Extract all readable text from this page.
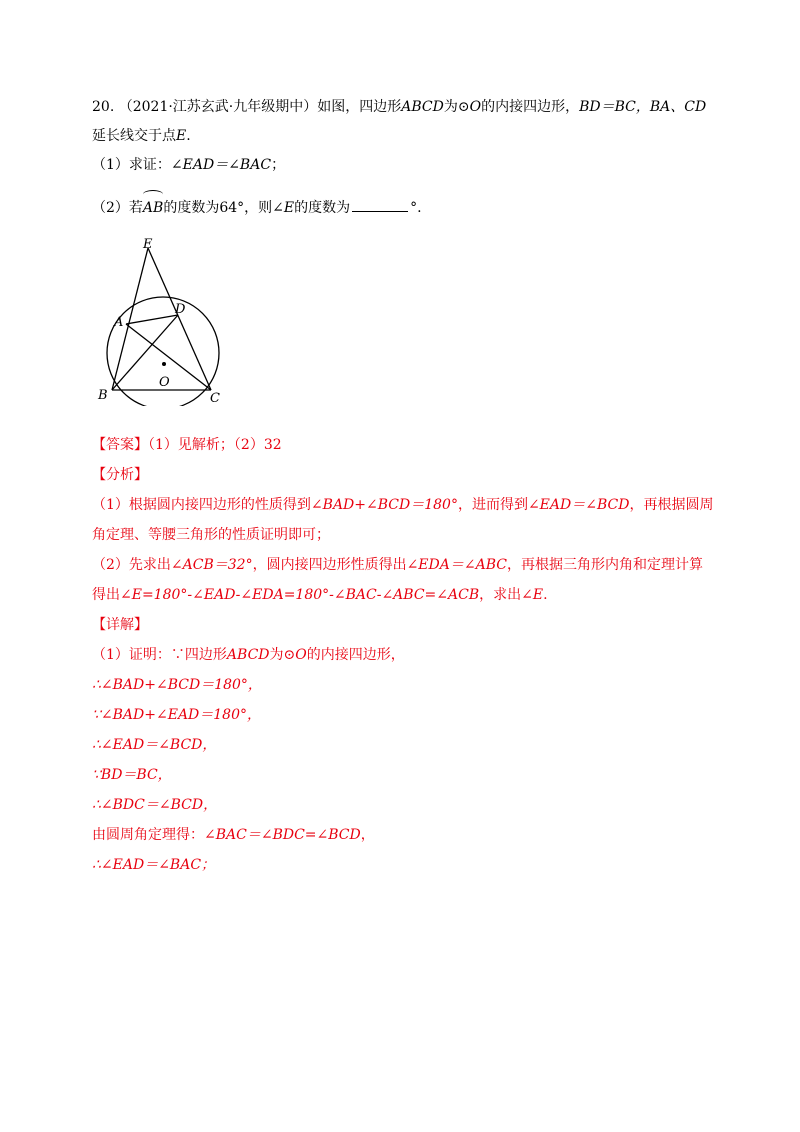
20. （2021·江苏玄武·九年级期中）如图，四边形ABCD为⊙O的内接四边形，BD＝BC，BA、CD
延长线交于点E.
（1）求证：∠EAD＝∠BAC；
（2）若
AB的度数为64°，则∠E的度数为	°.
E
A
D
O
B	C
【答案】（1）见解析；（2）32
【分析】
（1）根据圆内接四边形的性质得到∠BAD+∠BCD＝180°，进而得到∠EAD＝∠BCD，再根据圆周
角定理、等腰三角形的性质证明即可；
（2）先求出∠ACB＝32°，圆内接四边形性质得出∠EDA＝∠ABC，再根据三角形内角和定理计算
得出∠E=180°-∠EAD-∠EDA=180°-∠BAC-∠ABC=∠ACB，求出∠E.
【详解】
（1）证明：∵四边形ABCD为⊙O的内接四边形，
∴∠BAD+∠BCD＝180°，
∵∠BAD+∠EAD＝180°，
∴∠EAD＝∠BCD，
∵BD＝BC，
∴∠BDC＝∠BCD，
由圆周角定理得：∠BAC＝∠BDC=∠BCD，
∴∠EAD＝∠BAC；
